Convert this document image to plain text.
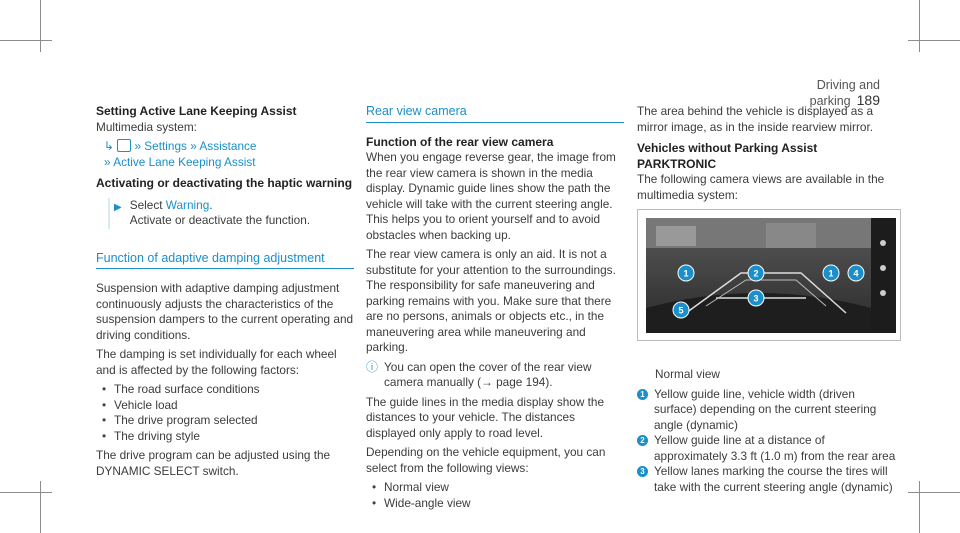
Driving and parking 189
Setting Active Lane Keeping Assist

Multimedia system:

↳ » Settings » Assistance
» Active Lane Keeping Assist
Activating or deactivating the haptic warning
▶ Select Warning.
Activate or deactivate the function.
Function of adaptive damping adjustment

Suspension with adaptive damping adjustment continuously adjusts the characteristics of the suspension dampers to the current operating and driving conditions.

The damping is set individually for each wheel and is affected by the following factors:

• The road surface conditions
• Vehicle load
• The drive program selected
• The driving style

The drive program can be adjusted using the DYNAMIC SELECT switch.

Rear view camera
Function of the rear view camera

When you engage reverse gear, the image from the rear view camera is shown in the media display. Dynamic guide lines show the path the vehicle will take with the current steering angle. This helps you to orient yourself and to avoid obstacles when backing up.

The rear view camera is only an aid. It is not a substitute for your attention to the surroundings. The responsibility for safe maneuvering and parking remains with you. Make sure that there are no persons, animals or objects etc., in the maneuvering area while maneuvering and parking.

ⓘ You can open the cover of the rear view camera manually (→ page 194).

The guide lines in the media display show the distances to your vehicle. The distances displayed only apply to road level.

Depending on the vehicle equipment, you can select from the following views:

• Normal view
• Wide-angle view

The area behind the vehicle is displayed as a mirror image, as in the inside rearview mirror.

Vehicles without Parking Assist PARKTRONIC

The following camera views are available in the multimedia system:

1	2
3
1 4
5

Normal view

1 Yellow guide line, vehicle width (driven surface) depending on the current steering angle (dynamic)
2 Yellow guide line at a distance of approximately 3.3 ft (1.0 m) from the rear area
3 Yellow lanes marking the course the tires will take with the current steering angle (dynamic)
